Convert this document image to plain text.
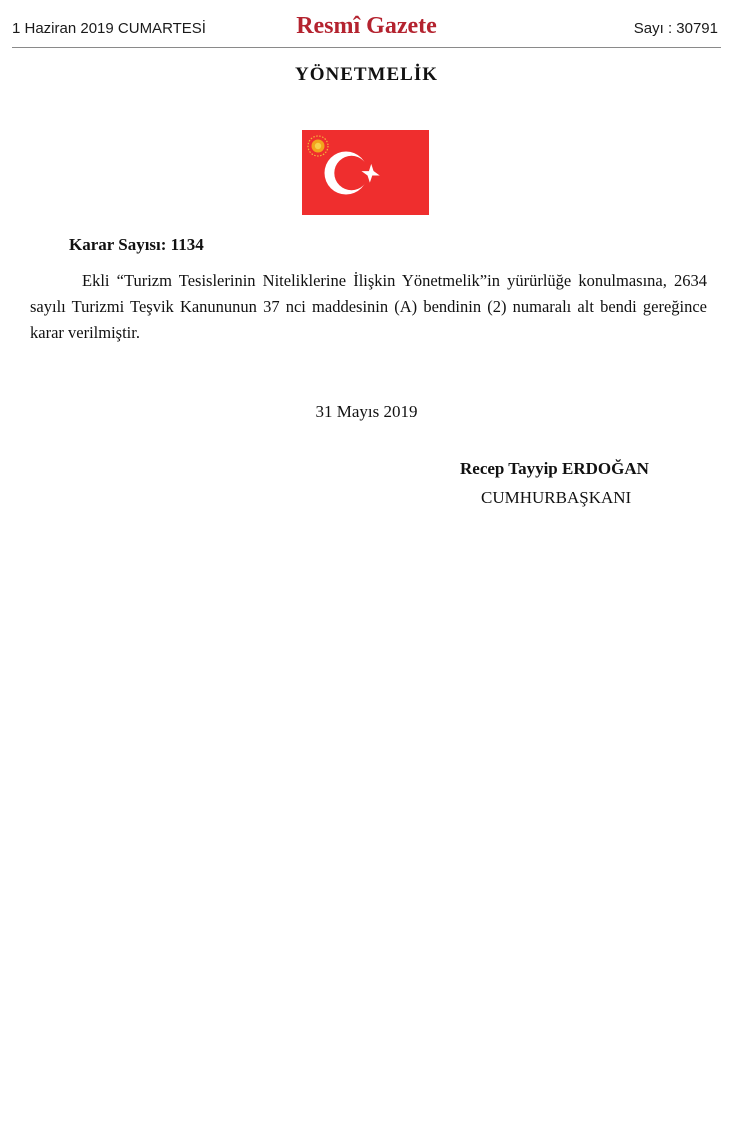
1 Haziran 2019 CUMARTESİ	Resmî Gazete	Sayı : 30791
YÖNETMELİK
Karar Sayısı: 1134

Ekli “Turizm Tesislerinin Niteliklerine İlişkin Yönetmelik”in yürürlüğe konulmasına, 2634 sayılı Turizmi Teşvik Kanununun 37 nci maddesinin (A) bendinin (2) numaralı alt bendi gereğince karar verilmiştir.

31 Mayıs 2019
Recep Tayyip ERDOĞAN
CUMHURBAŞKANI
